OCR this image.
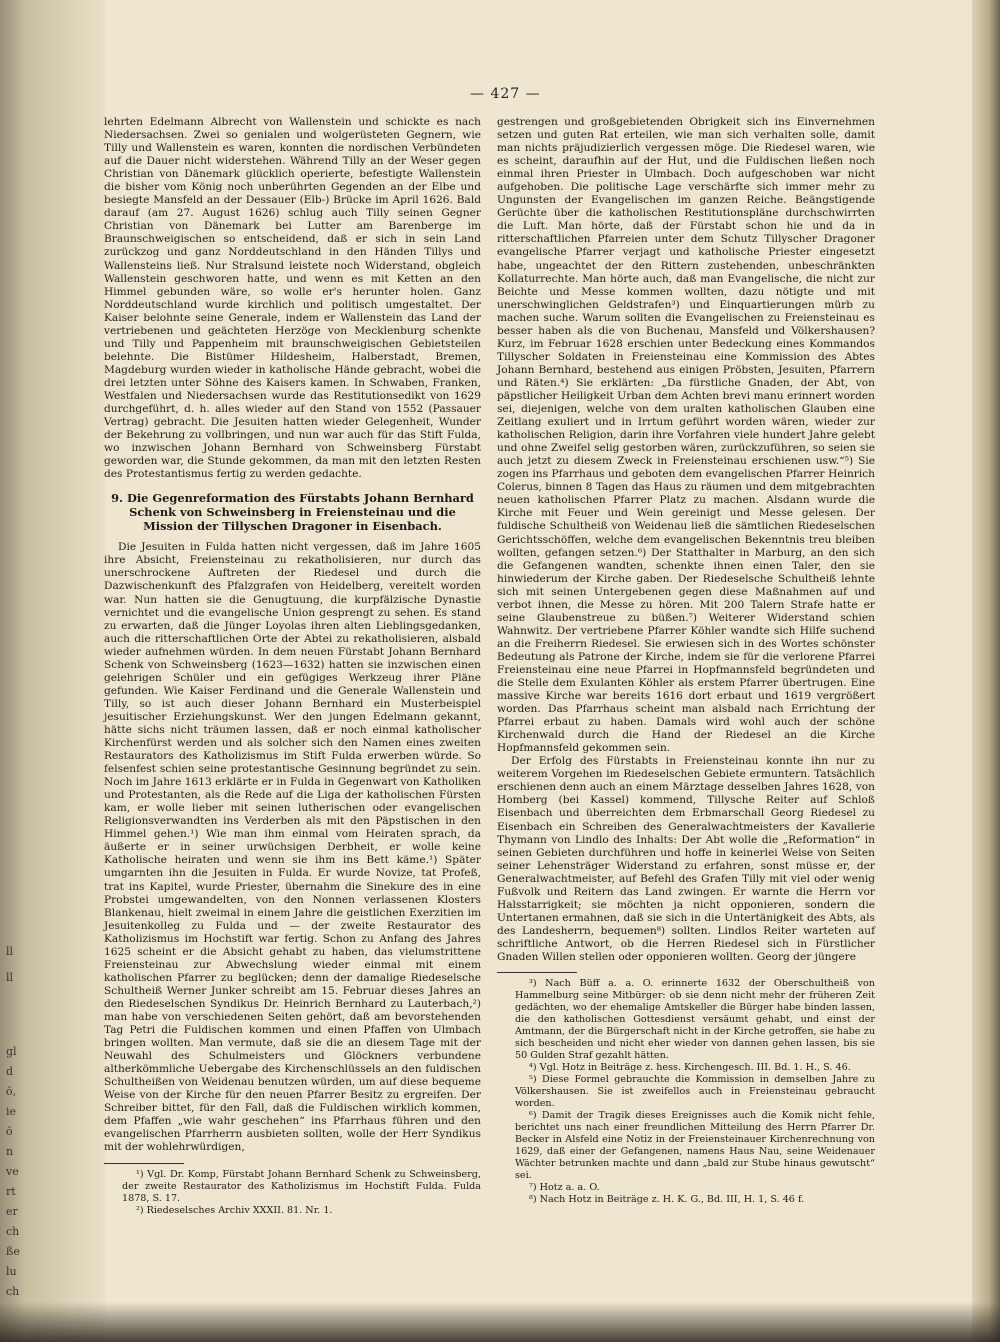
ll
ll
gl
d
ö,
ie
ö
n
ve
rt
er
ch
ße
lu
ch
— 427 —

lehrten Edelmann Albrecht von Wallenstein und schickte es nach Niedersachsen. Zwei so genialen und wolgerüsteten Gegnern, wie Tilly und Wallenstein es waren, konnten die nordischen Verbündeten auf die Dauer nicht widerstehen. Während Tilly an der Weser gegen Christian von Dänemark glücklich operierte, befestigte Wallenstein die bisher vom König noch unberührten Gegenden an der Elbe und besiegte Mansfeld an der Dessauer (Elb-) Brücke im April 1626. Bald darauf (am 27. August 1626) schlug auch Tilly seinen Gegner Christian von Dänemark bei Lutter am Barenberge im Braunschweigischen so entscheidend, daß er sich in sein Land zurückzog und ganz Norddeutschland in den Händen Tillys und Wallensteins ließ. Nur Stralsund leistete noch Widerstand, obgleich Wallenstein geschworen hatte, und wenn es mit Ketten an den Himmel gebunden wäre, so wolle er's herunter holen. Ganz Norddeutschland wurde kirchlich und politisch umgestaltet. Der Kaiser belohnte seine Generale, indem er Wallenstein das Land der vertriebenen und geächteten Herzöge von Mecklenburg schenkte und Tilly und Pappenheim mit braunschweigischen Gebietsteilen belehnte. Die Bistümer Hildesheim, Halberstadt, Bremen, Magdeburg wurden wieder in katholische Hände gebracht, wobei die drei letzten unter Söhne des Kaisers kamen. In Schwaben, Franken, Westfalen und Niedersachsen wurde das Restitutionsedikt von 1629 durchgeführt, d. h. alles wieder auf den Stand von 1552 (Passauer Vertrag) gebracht. Die Jesuiten hatten wieder Gelegenheit, Wunder der Bekehrung zu vollbringen, und nun war auch für das Stift Fulda, wo inzwischen Johann Bernhard von Schweinsberg Fürstabt geworden war, die Stunde gekommen, da man mit den letzten Resten des Protestantismus fertig zu werden gedachte.

9. Die Gegenreformation des Fürstabts Johann Bernhard Schenk von Schweinsberg in Freiensteinau und die Mission der Tillyschen Dragoner in Eisenbach.

Die Jesuiten in Fulda hatten nicht vergessen, daß im Jahre 1605 ihre Absicht, Freiensteinau zu rekatholisieren, nur durch das unerschrockene Auftreten der Riedesel und durch die Dazwischenkunft des Pfalzgrafen von Heidelberg, vereitelt worden war. Nun hatten sie die Genugtuung, die kurpfälzische Dynastie vernichtet und die evangelische Union gesprengt zu sehen. Es stand zu erwarten, daß die Jünger Loyolas ihren alten Lieblingsgedanken, auch die ritterschaftlichen Orte der Abtei zu rekatholisieren, alsbald wieder aufnehmen würden. In dem neuen Fürstabt Johann Bernhard Schenk von Schweinsberg (1623—1632) hatten sie inzwischen einen gelehrigen Schüler und ein gefügiges Werkzeug ihrer Pläne gefunden. Wie Kaiser Ferdinand und die Generale Wallenstein und Tilly, so ist auch dieser Johann Bernhard ein Musterbeispiel jesuitischer Erziehungskunst. Wer den jungen Edelmann gekannt, hätte sichs nicht träumen lassen, daß er noch einmal katholischer Kirchenfürst werden und als solcher sich den Namen eines zweiten Restaurators des Katholizismus im Stift Fulda erwerben würde. So felsenfest schien seine protestantische Gesinnung begründet zu sein. Noch im Jahre 1613 erklärte er in Fulda in Gegenwart von Katholiken und Protestanten, als die Rede auf die Liga der katholischen Fürsten kam, er wolle lieber mit seinen lutherischen oder evangelischen Religionsverwandten ins Verderben als mit den Päpstischen in den Himmel gehen.¹) Wie man ihm einmal vom Heiraten sprach, da äußerte er in seiner urwüchsigen Derbheit, er wolle keine Katholische heiraten und wenn sie ihm ins Bett käme.¹) Später umgarnten ihn die Jesuiten in Fulda. Er wurde Novize, tat Profeß, trat ins Kapitel, wurde Priester, übernahm die Sinekure des in eine Probstei umgewandelten, von den Nonnen verlassenen Klosters Blankenau, hielt zweimal in einem Jahre die geistlichen Exerzitien im Jesuitenkolleg zu Fulda und — der zweite Restaurator des Katholizismus im Hochstift war fertig. Schon zu Anfang des Jahres 1625 scheint er die Absicht gehabt zu haben, das vielumstrittene Freiensteinau zur Abwechslung wieder einmal mit einem katholischen Pfarrer zu beglücken; denn der damalige Riedeselsche Schultheiß Werner Junker schreibt am 15. Februar dieses Jahres an den Riedeselschen Syndikus Dr. Heinrich Bernhard zu Lauterbach,²) man habe von verschiedenen Seiten gehört, daß am bevorstehenden Tag Petri die Fuldischen kommen und einen Pfaffen von Ulmbach bringen wollten. Man vermute, daß sie die an diesem Tage mit der Neuwahl des Schulmeisters und Glöckners verbundene altherkömmliche Uebergabe des Kirchenschlüssels an den fuldischen Schultheißen von Weidenau benutzen würden, um auf diese bequeme Weise von der Kirche für den neuen Pfarrer Besitz zu ergreifen. Der Schreiber bittet, für den Fall, daß die Fuldischen wirklich kommen, dem Pfaffen „wie wahr geschehen“ ins Pfarrhaus führen und den evangelischen Pfarrherrn ausbieten sollten, wolle der Herr Syndikus mit der wohlehrwürdigen,

¹) Vgl. Dr. Komp, Fürstabt Johann Bernhard Schenk zu Schweinsberg, der zweite Restaurator des Katholizismus im Hochstift Fulda. Fulda 1878, S. 17.

²) Riedeselsches Archiv XXXII. 81. Nr. 1.

gestrengen und großgebietenden Obrigkeit sich ins Einvernehmen setzen und guten Rat erteilen, wie man sich verhalten solle, damit man nichts präjudizierlich vergessen möge. Die Riedesel waren, wie es scheint, daraufhin auf der Hut, und die Fuldischen ließen noch einmal ihren Priester in Ulmbach. Doch aufgeschoben war nicht aufgehoben. Die politische Lage verschärfte sich immer mehr zu Ungunsten der Evangelischen im ganzen Reiche. Beängstigende Gerüchte über die katholischen Restitutionspläne durchschwirrten die Luft. Man hörte, daß der Fürstabt schon hie und da in ritterschaftlichen Pfarreien unter dem Schutz Tillyscher Dragoner evangelische Pfarrer verjagt und katholische Priester eingesetzt habe, ungeachtet der den Rittern zustehenden, unbeschränkten Kollaturrechte. Man hörte auch, daß man Evangelische, die nicht zur Beichte und Messe kommen wollten, dazu nötigte und mit unerschwinglichen Geldstrafen³) und Einquartierungen mürb zu machen suche. Warum sollten die Evangelischen zu Freiensteinau es besser haben als die von Buchenau, Mansfeld und Völkershausen? Kurz, im Februar 1628 erschien unter Bedeckung eines Kommandos Tillyscher Soldaten in Freiensteinau eine Kommission des Abtes Johann Bernhard, bestehend aus einigen Pröbsten, Jesuiten, Pfarrern und Räten.⁴) Sie erklärten: „Da fürstliche Gnaden, der Abt, von päpstlicher Heiligkeit Urban dem Achten brevi manu erinnert worden sei, diejenigen, welche von dem uralten katholischen Glauben eine Zeitlang exuliert und in Irrtum geführt worden wären, wieder zur katholischen Religion, darin ihre Vorfahren viele hundert Jahre gelebt und ohne Zweifel selig gestorben wären, zurückzuführen, so seien sie auch jetzt zu diesem Zweck in Freiensteinau erschienen usw.“⁵) Sie zogen ins Pfarrhaus und geboten dem evangelischen Pfarrer Heinrich Colerus, binnen 8 Tagen das Haus zu räumen und dem mitgebrachten neuen katholischen Pfarrer Platz zu machen. Alsdann wurde die Kirche mit Feuer und Wein gereinigt und Messe gelesen. Der fuldische Schultheiß von Weidenau ließ die sämtlichen Riedeselschen Gerichtsschöffen, welche dem evangelischen Bekenntnis treu bleiben wollten, gefangen setzen.⁶) Der Statthalter in Marburg, an den sich die Gefangenen wandten, schenkte ihnen einen Taler, den sie hinwiederum der Kirche gaben. Der Riedeselsche Schultheiß lehnte sich mit seinen Untergebenen gegen diese Maßnahmen auf und verbot ihnen, die Messe zu hören. Mit 200 Talern Strafe hatte er seine Glaubenstreue zu büßen.⁷) Weiterer Widerstand schien Wahnwitz. Der vertriebene Pfarrer Köhler wandte sich Hilfe suchend an die Freiherrn Riedesel. Sie erwiesen sich in des Wortes schönster Bedeutung als Patrone der Kirche, indem sie für die verlorene Pfarrei Freiensteinau eine neue Pfarrei in Hopfmannsfeld begründeten und die Stelle dem Exulanten Köhler als erstem Pfarrer übertrugen. Eine massive Kirche war bereits 1616 dort erbaut und 1619 vergrößert worden. Das Pfarrhaus scheint man alsbald nach Errichtung der Pfarrei erbaut zu haben. Damals wird wohl auch der schöne Kirchenwald durch die Hand der Riedesel an die Kirche Hopfmannsfeld gekommen sein.

Der Erfolg des Fürstabts in Freiensteinau konnte ihn nur zu weiterem Vorgehen im Riedeselschen Gebiete ermuntern. Tatsächlich erschienen denn auch an einem Märztage desselben Jahres 1628, von Homberg (bei Kassel) kommend, Tillysche Reiter auf Schloß Eisenbach und überreichten dem Erbmarschall Georg Riedesel zu Eisenbach ein Schreiben des Generalwachtmeisters der Kavallerie Thymann von Lindlo des Inhalts: Der Abt wolle die „Reformation“ in seinen Gebieten durchführen und hoffe in keinerlei Weise von Seiten seiner Lehensträger Widerstand zu erfahren, sonst müsse er, der Generalwachtmeister, auf Befehl des Grafen Tilly mit viel oder wenig Fußvolk und Reitern das Land zwingen. Er warnte die Herrn vor Halsstarrigkeit; sie möchten ja nicht opponieren, sondern die Untertanen ermahnen, daß sie sich in die Untertänigkeit des Abts, als des Landesherrn, bequemen⁸) sollten. Lindlos Reiter warteten auf schriftliche Antwort, ob die Herren Riedesel sich in Fürstlicher Gnaden Willen stellen oder opponieren wollten. Georg der jüngere

³) Nach Büff a. a. O. erinnerte 1632 der Oberschultheiß von Hammelburg seine Mitbürger: ob sie denn nicht mehr der früheren Zeit gedächten, wo der ehemalige Amtskeller die Bürger habe binden lassen, die den katholischen Gottesdienst versäumt gehabt, und einst der Amtmann, der die Bürgerschaft nicht in der Kirche getroffen, sie habe zu sich bescheiden und nicht eher wieder von dannen gehen lassen, bis sie 50 Gulden Straf gezahlt hätten.

⁴) Vgl. Hotz in Beiträge z. hess. Kirchengesch. III. Bd. 1. H., S. 46.

⁵) Diese Formel gebrauchte die Kommission in demselben Jahre zu Völkershausen. Sie ist zweifellos auch in Freiensteinau gebraucht worden.

⁶) Damit der Tragik dieses Ereignisses auch die Komik nicht fehle, berichtet uns nach einer freundlichen Mitteilung des Herrn Pfarrer Dr. Becker in Alsfeld eine Notiz in der Freiensteinauer Kirchenrechnung von 1629, daß einer der Gefangenen, namens Haus Nau, seine Weidenauer Wächter betrunken machte und dann „bald zur Stube hinaus gewutscht“ sei.

⁷) Hotz a. a. O.

⁸) Nach Hotz in Beiträge z. H. K. G., Bd. III, H. 1, S. 46 f.
